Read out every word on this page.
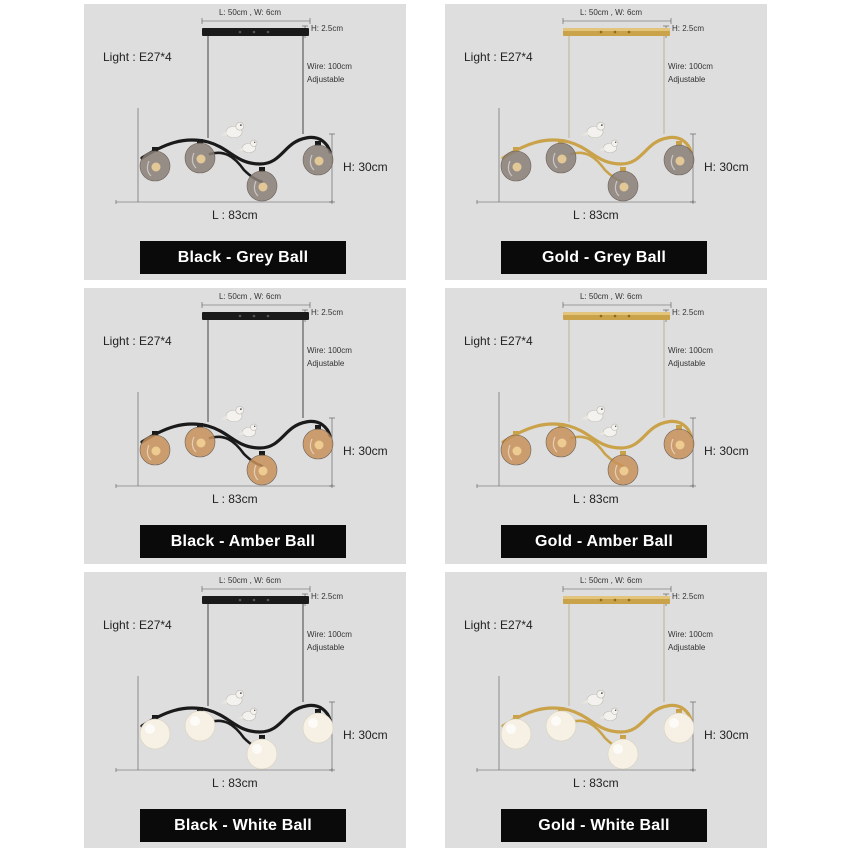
L: 50cm , W: 6cm
H: 2.5cm
Light : E27*4
Wire: 100cm
Adjustable
H: 30cm
L : 83cm
Black - Grey Ball
L: 50cm , W: 6cm
H: 2.5cm
Light : E27*4
Wire: 100cm
Adjustable
H: 30cm
L : 83cm
Gold - Grey Ball
L: 50cm , W: 6cm
H: 2.5cm
Light : E27*4
Wire: 100cm
Adjustable
H: 30cm
L : 83cm
Black - Amber Ball
L: 50cm , W: 6cm
H: 2.5cm
Light : E27*4
Wire: 100cm
Adjustable
H: 30cm
L : 83cm
Gold - Amber Ball
L: 50cm , W: 6cm
H: 2.5cm
Light : E27*4
Wire: 100cm
Adjustable
H: 30cm
L : 83cm
Black - White Ball
L: 50cm , W: 6cm
H: 2.5cm
Light : E27*4
Wire: 100cm
Adjustable
H: 30cm
L : 83cm
Gold - White Ball
